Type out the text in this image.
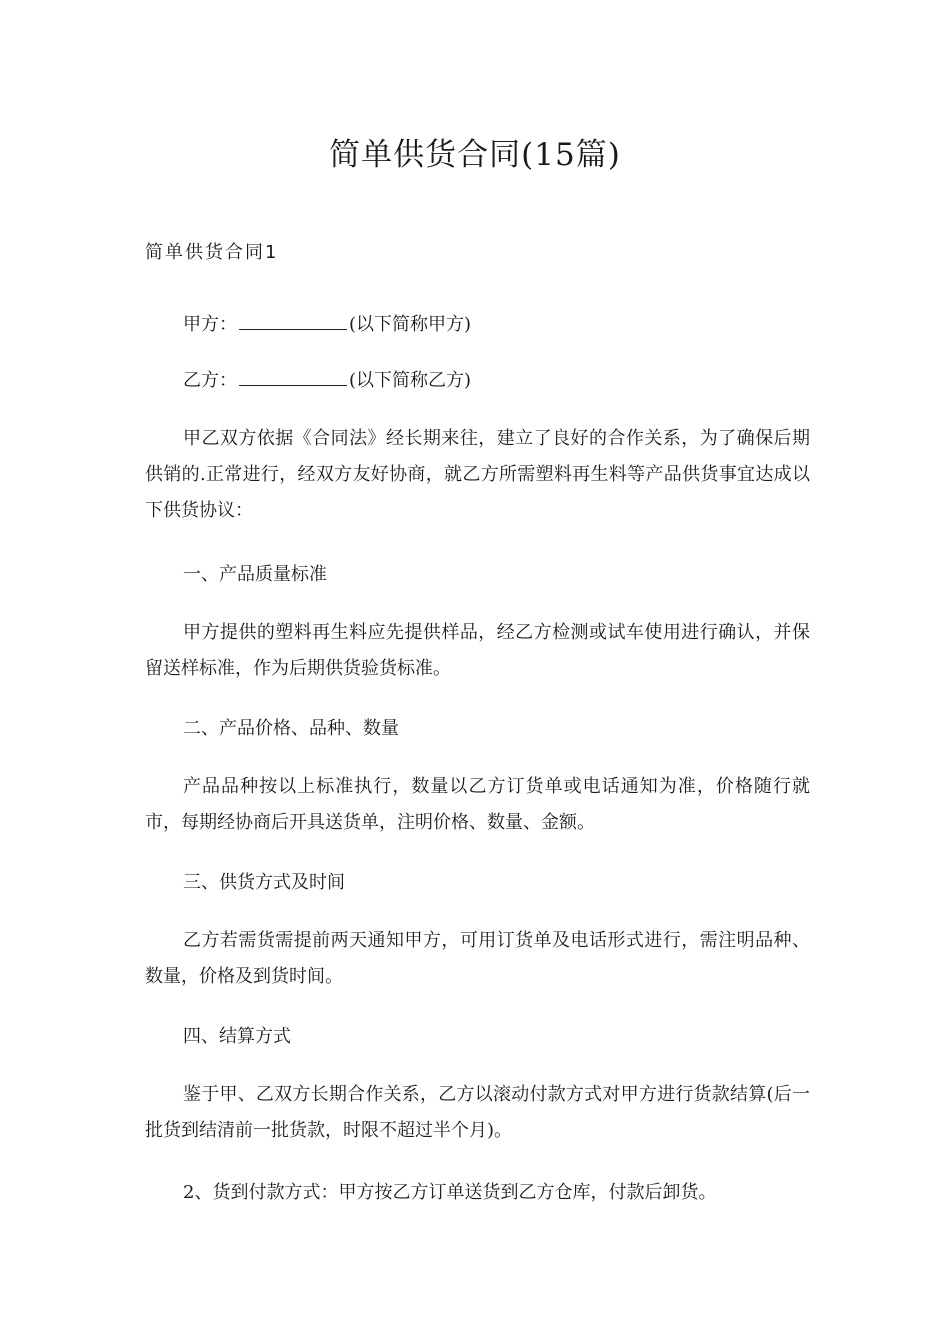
简单供货合同(15篇)
简单供货合同1
甲方：	(以下简称甲方)
乙方：	(以下简称乙方)

甲乙双方依据《合同法》经长期来往，建立了良好的合作关系，为了确保后期供销的.正常进行，经双方友好协商，就乙方所需塑料再生料等产品供货事宜达成以下供货协议：

一、产品质量标准

甲方提供的塑料再生料应先提供样品，经乙方检测或试车使用进行确认，并保留送样标准，作为后期供货验货标准。

二、产品价格、品种、数量

产品品种按以上标准执行，数量以乙方订货单或电话通知为准，价格随行就市，每期经协商后开具送货单，注明价格、数量、金额。

三、供货方式及时间

乙方若需货需提前两天通知甲方，可用订货单及电话形式进行，需注明品种、数量，价格及到货时间。

四、结算方式

鉴于甲、乙双方长期合作关系，乙方以滚动付款方式对甲方进行货款结算(后一批货到结清前一批货款，时限不超过半个月)。

2、货到付款方式：甲方按乙方订单送货到乙方仓库，付款后卸货。
